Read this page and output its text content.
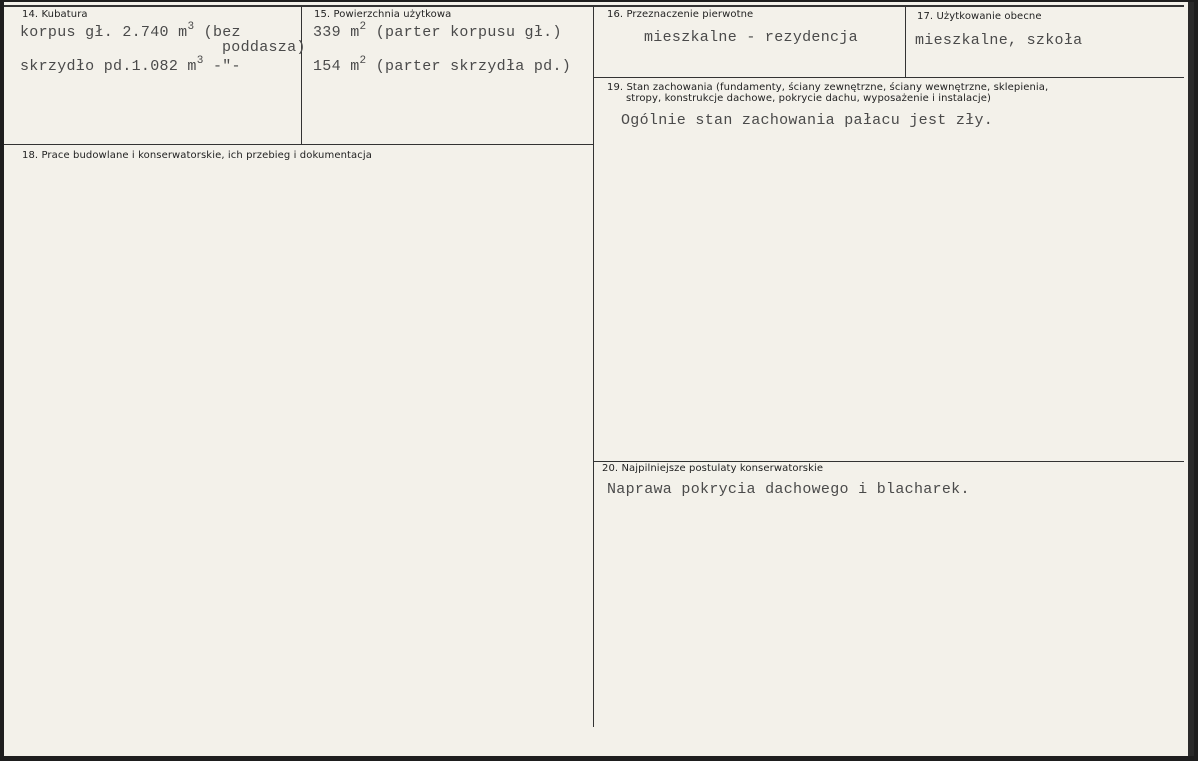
14. Kubatura
korpus gł. 2.740 $m^3$ (bez
poddasza)
skrzydło pd.1.082 $m^3$ -"-
15. Powierzchnia użytkowa
339 $m^2$ (parter korpusu gł.)
154 $m^2$ (parter skrzydła pd.)
16. Przeznaczenie pierwotne
mieszkalne - rezydencja
17. Użytkowanie obecne
mieszkalne, szkoła
18. Prace budowlane i konserwatorskie, ich przebieg i dokumentacja
19. Stan zachowania (fundamenty, ściany zewnętrzne, ściany wewnętrzne, sklepienia,
stropy, konstrukcje dachowe, pokrycie dachu, wyposażenie i instalacje)
Ogólnie stan zachowania pałacu jest zły.
20. Najpilniejsze postulaty konserwatorskie
Naprawa pokrycia dachowego i blacharek.
